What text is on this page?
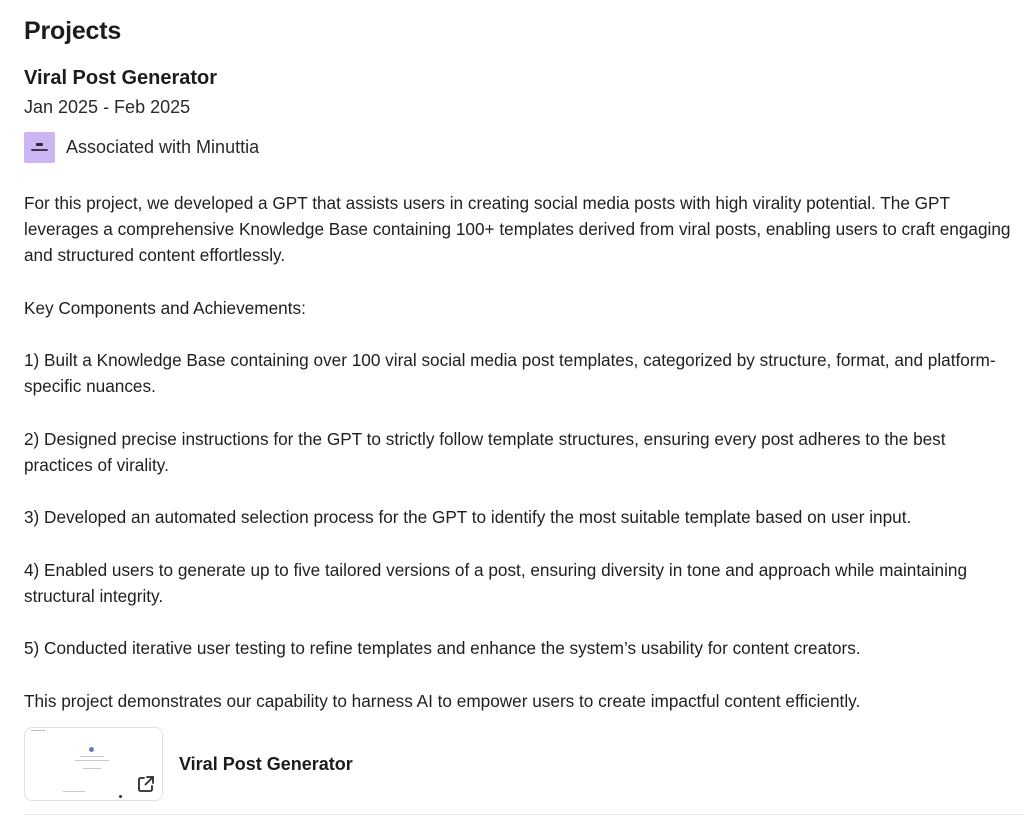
Projects
Viral Post Generator
Jan 2025 - Feb 2025
Associated with Minuttia

For this project, we developed a GPT that assists users in creating social media posts with high virality potential. The GPT leverages a comprehensive Knowledge Base containing 100+ templates derived from viral posts, enabling users to craft engaging and structured content effortlessly.

Key Components and Achievements:

1) Built a Knowledge Base containing over 100 viral social media post templates, categorized by structure, format, and platform-specific nuances.

2) Designed precise instructions for the GPT to strictly follow template structures, ensuring every post adheres to the best practices of virality.

3) Developed an automated selection process for the GPT to identify the most suitable template based on user input.

4) Enabled users to generate up to five tailored versions of a post, ensuring diversity in tone and approach while maintaining structural integrity.

5) Conducted iterative user testing to refine templates and enhance the system’s usability for content creators.

This project demonstrates our capability to harness AI to empower users to create impactful content efficiently.

Viral Post Generator
